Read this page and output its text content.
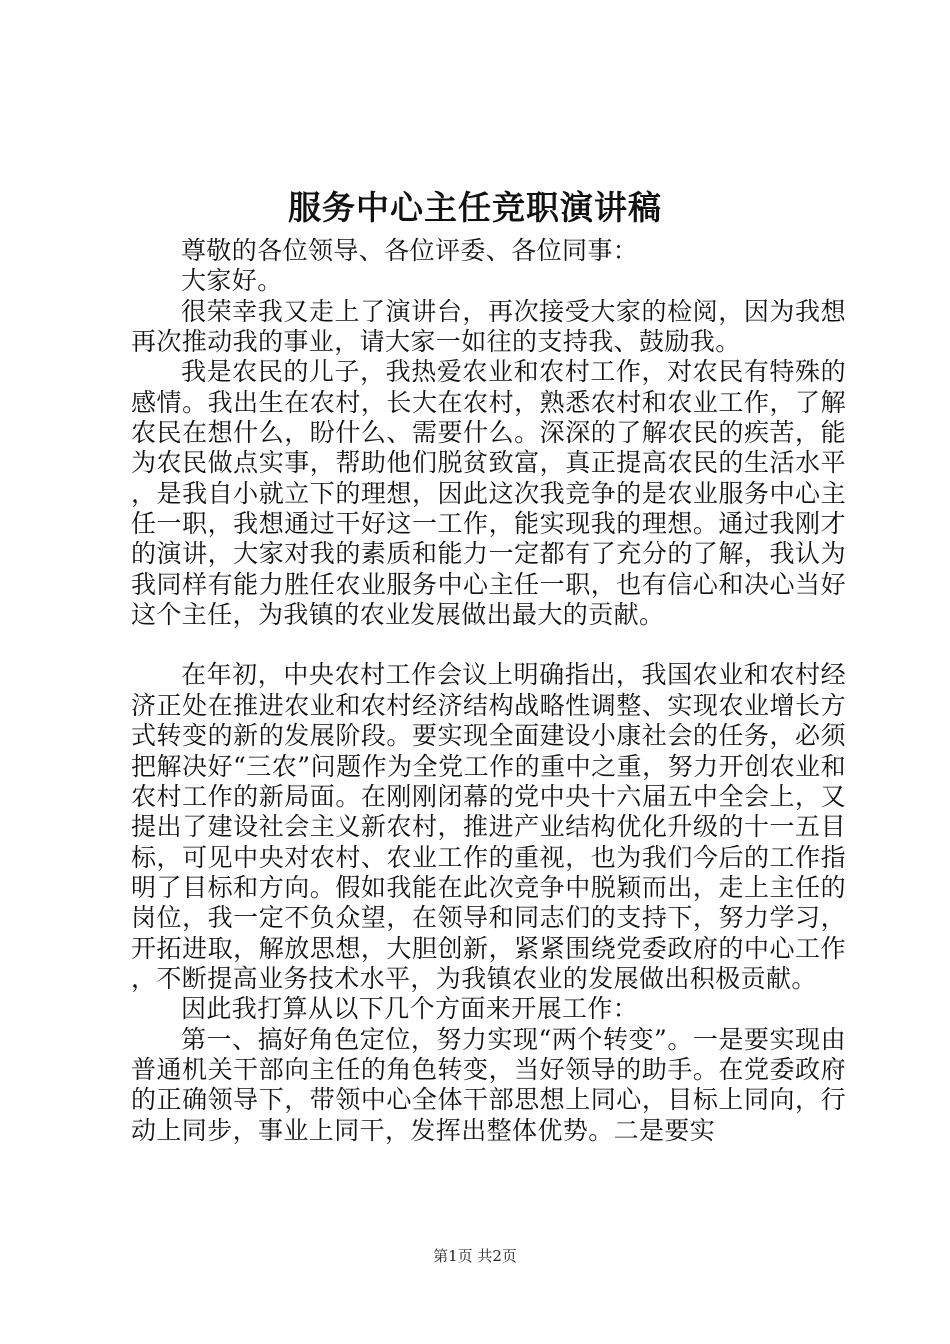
服务中心主任竞职演讲稿

尊敬的各位领导、各位评委、各位同事：

大家好。

很荣幸我又走上了演讲台，再次接受大家的检阅，因为我想再次推动我的事业，请大家一如往的支持我、鼓励我。

我是农民的儿子，我热爱农业和农村工作，对农民有特殊的感情。我出生在农村，长大在农村，熟悉农村和农业工作，了解农民在想什么，盼什么、需要什么。深深的了解农民的疾苦，能为农民做点实事，帮助他们脱贫致富，真正提高农民的生活水平，是我自小就立下的理想，因此这次我竞争的是农业服务中心主任一职，我想通过干好这一工作，能实现我的理想。通过我刚才的演讲，大家对我的素质和能力一定都有了充分的了解，我认为我同样有能力胜任农业服务中心主任一职，也有信心和决心当好这个主任，为我镇的农业发展做出最大的贡献。

在年初，中央农村工作会议上明确指出，我国农业和农村经济正处在推进农业和农村经济结构战略性调整、实现农业增长方式转变的新的发展阶段。要实现全面建设小康社会的任务，必须把解决好“三农”问题作为全党工作的重中之重，努力开创农业和农村工作的新局面。在刚刚闭幕的党中央十六届五中全会上，又提出了建设社会主义新农村，推进产业结构优化升级的十一五目标，可见中央对农村、农业工作的重视，也为我们今后的工作指明了目标和方向。假如我能在此次竞争中脱颖而出，走上主任的岗位，我一定不负众望，在领导和同志们的支持下，努力学习，开拓进取，解放思想，大胆创新，紧紧围绕党委政府的中心工作，不断提高业务技术水平，为我镇农业的发展做出积极贡献。

因此我打算从以下几个方面来开展工作：

第一、搞好角色定位，努力实现“两个转变”。一是要实现由普通机关干部向主任的角色转变，当好领导的助手。在党委政府的正确领导下，带领中心全体干部思想上同心，目标上同向，行动上同步，事业上同干，发挥出整体优势。二是要实

第1页 共2页
